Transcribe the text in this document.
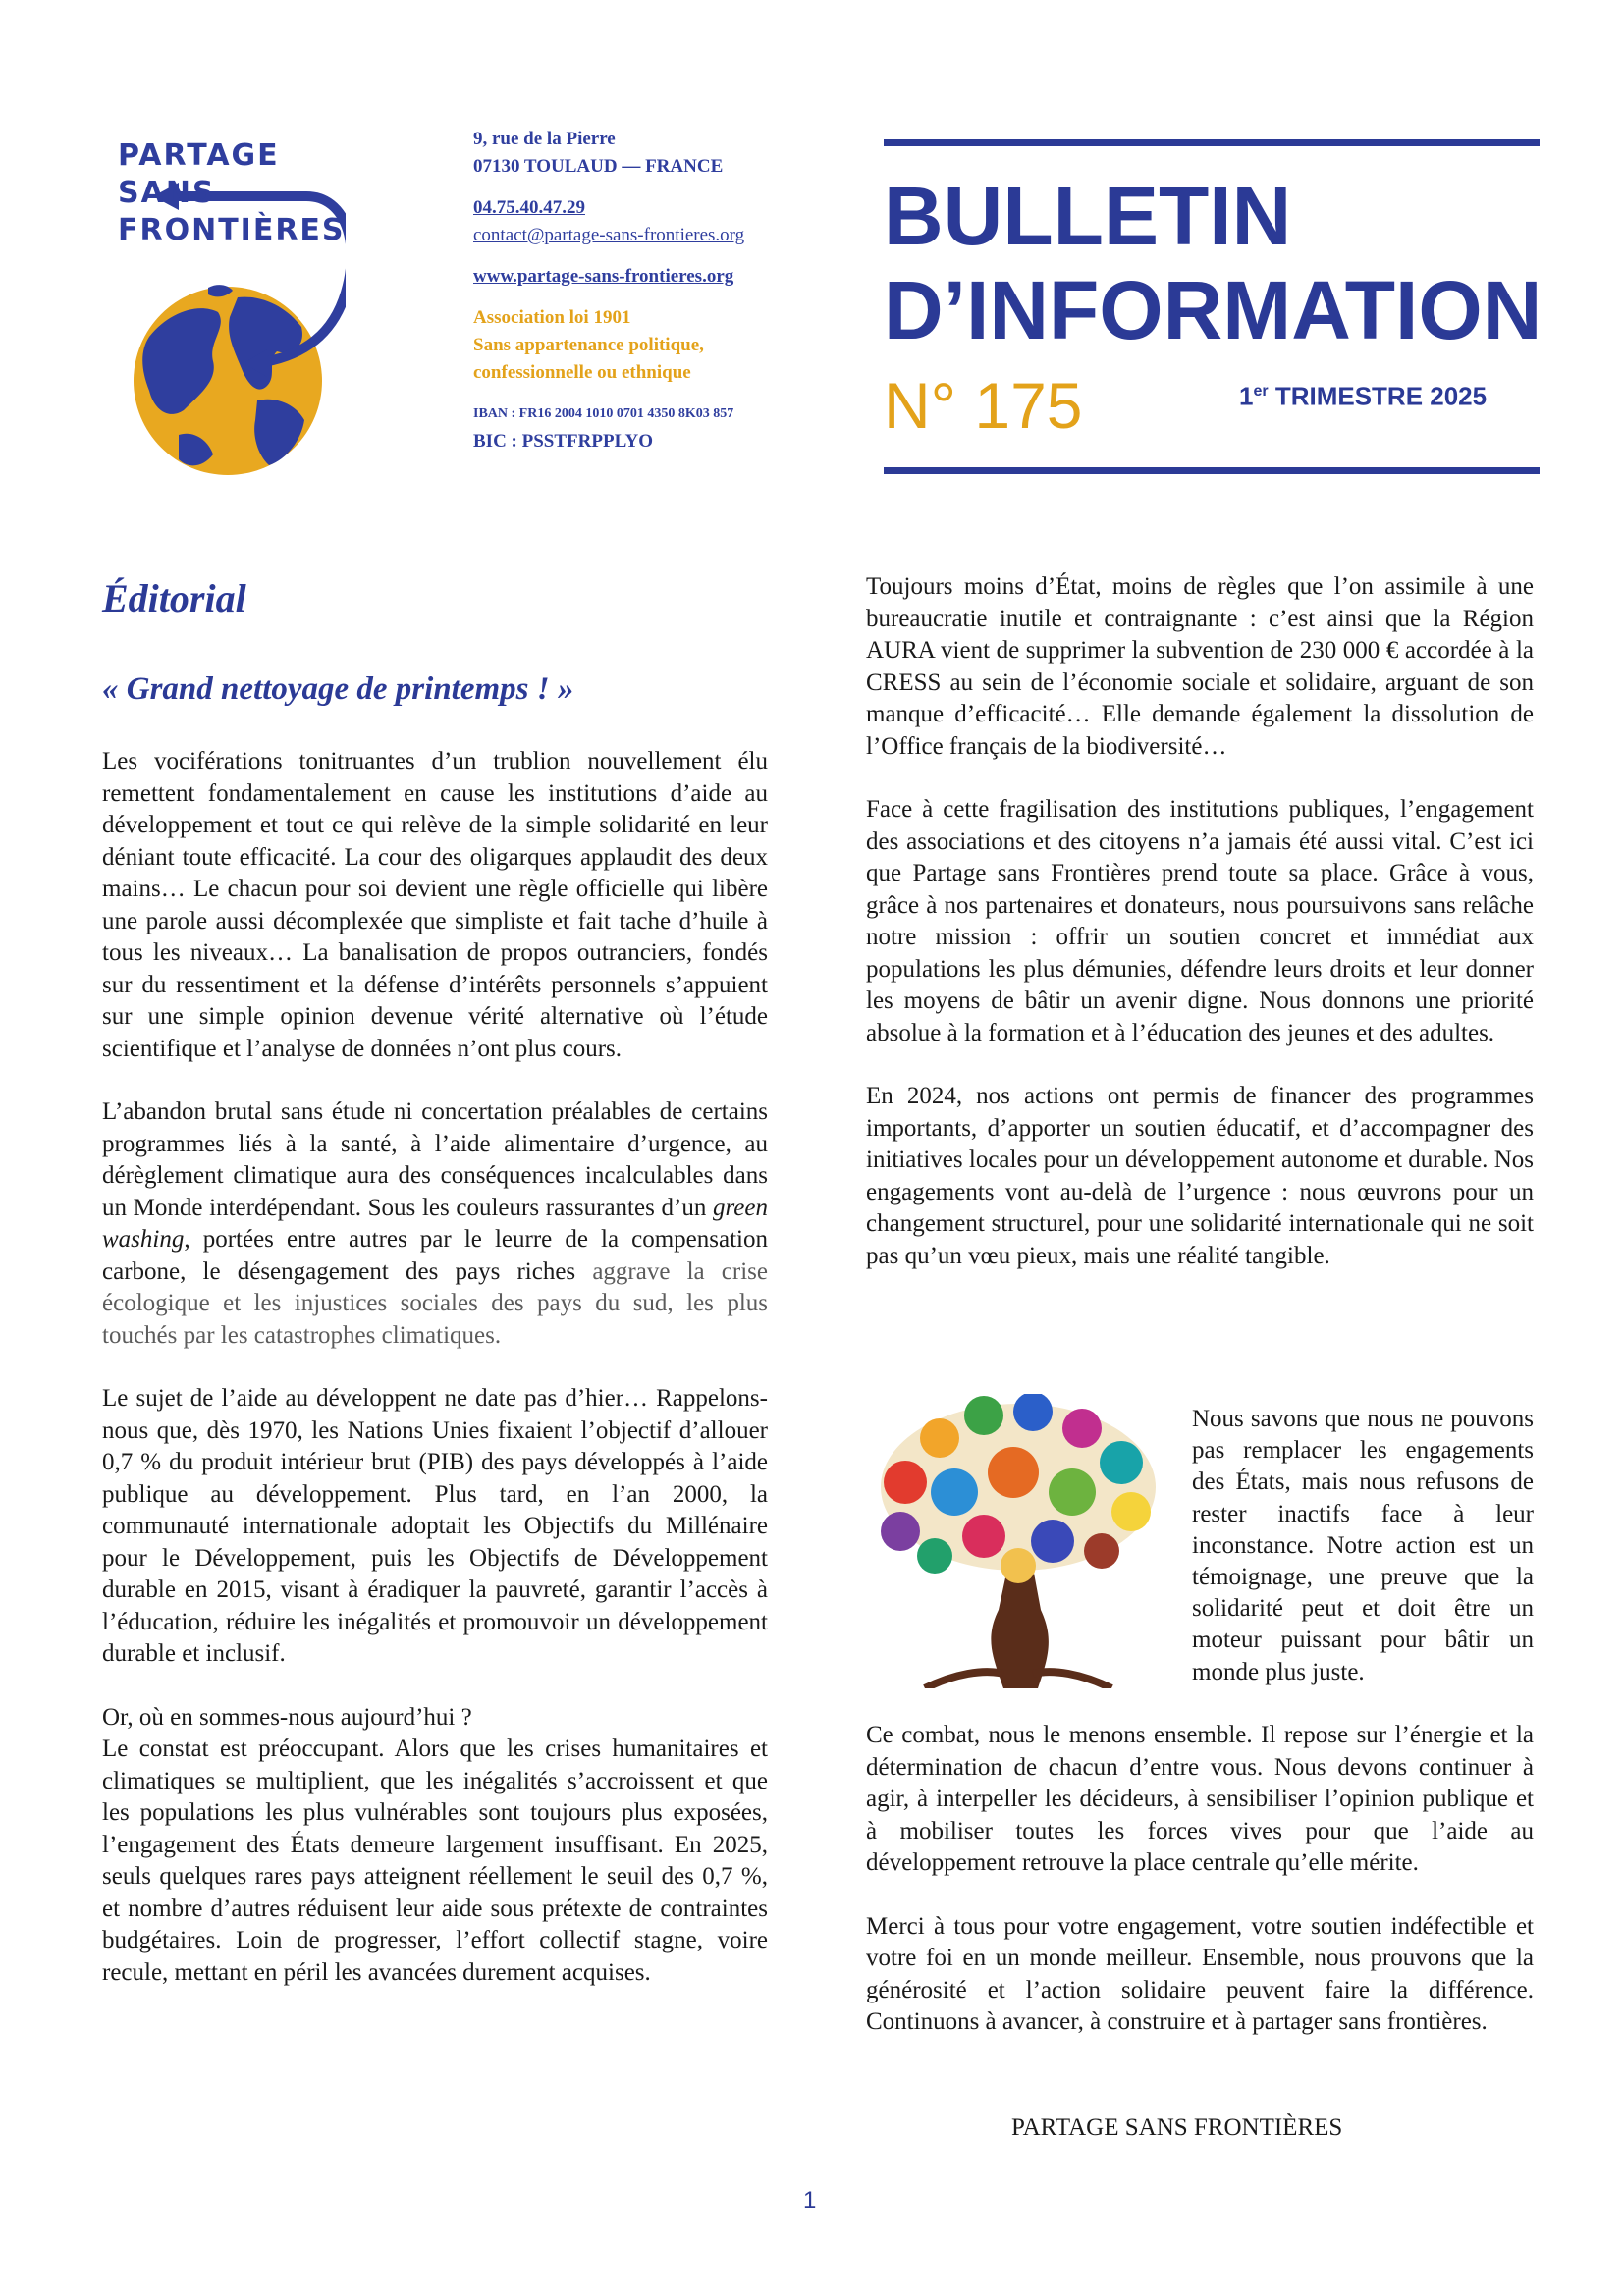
PARTAGE
SANS
FRONTIÈRES
9, rue de la Pierre
07130 TOULAUD — FRANCE
04.75.40.47.29
contact@partage-sans-frontieres.org
www.partage-sans-frontieres.org
Association loi 1901
Sans appartenance politique,
confessionnelle ou ethnique
IBAN : FR16 2004 1010 0701 4350 8K03 857
BIC : PSSTFRPPLYO
BULLETIN
D’INFORMATION
N° 175	1er TRIMESTRE 2025
Éditorial
« Grand nettoyage de printemps ! »

Les vociférations tonitruantes d’un trublion nouvellement élu remettent fondamentalement en cause les institutions d’aide au développement et tout ce qui relève de la simple solidarité en leur déniant toute efficacité. La cour des oligarques applaudit des deux mains… Le chacun pour soi devient une règle officielle qui libère une parole aussi décomplexée que simpliste et fait tache d’huile à tous les niveaux… La banalisation de propos outranciers, fondés sur du ressentiment et la défense d’intérêts personnels s’appuient sur une simple opinion devenue vérité alternative où l’étude scientifique et l’analyse de données n’ont plus cours.

L’abandon brutal sans étude ni concertation préalables de certains programmes liés à la santé, à l’aide alimentaire d’urgence, au dérèglement climatique aura des conséquences incalculables dans un Monde interdépendant. Sous les couleurs rassurantes d’un green washing, portées entre autres par le leurre de la compensation carbone, le désengagement des pays riches aggrave la crise écologique et les injustices sociales des pays du sud, les plus touchés par les catastrophes climatiques.

Le sujet de l’aide au développent ne date pas d’hier… Rappelons-nous que, dès 1970, les Nations Unies fixaient l’objectif d’allouer 0,7 % du produit intérieur brut (PIB) des pays développés à l’aide publique au développement. Plus tard, en l’an 2000, la communauté internationale adoptait les Objectifs du Millénaire pour le Développement, puis les Objectifs de Développement durable en 2015, visant à éradiquer la pauvreté, garantir l’accès à l’éducation, réduire les inégalités et promouvoir un développement durable et inclusif.

Or, où en sommes-nous aujourd’hui ?
Le constat est préoccupant. Alors que les crises humanitaires et climatiques se multiplient, que les inégalités s’accroissent et que les populations les plus vulnérables sont toujours plus exposées, l’engagement des États demeure largement insuffisant. En 2025, seuls quelques rares pays atteignent réellement le seuil des 0,7 %, et nombre d’autres réduisent leur aide sous prétexte de contraintes budgétaires. Loin de progresser, l’effort collectif stagne, voire recule, mettant en péril les avancées durement acquises.

Toujours moins d’État, moins de règles que l’on assimile à une bureaucratie inutile et contraignante : c’est ainsi que la Région AURA vient de supprimer la subvention de 230 000 € accordée à la CRESS au sein de l’économie sociale et solidaire, arguant de son manque d’efficacité… Elle demande également la dissolution de l’Office français de la biodiversité…

Face à cette fragilisation des institutions publiques, l’engagement des associations et des citoyens n’a jamais été aussi vital. C’est ici que Partage sans Frontières prend toute sa place. Grâce à vous, grâce à nos partenaires et donateurs, nous poursuivons sans relâche notre mission : offrir un soutien concret et immédiat aux populations les plus démunies, défendre leurs droits et leur donner les moyens de bâtir un avenir digne. Nous donnons une priorité absolue à la formation et à l’éducation des jeunes et des adultes.

En 2024, nos actions ont permis de financer des programmes importants, d’apporter un soutien éducatif, et d’accompagner des initiatives locales pour un développement autonome et durable. Nos engagements vont au-delà de l’urgence : nous œuvrons pour un changement structurel, pour une solidarité internationale qui ne soit pas qu’un vœu pieux, mais une réalité tangible.

Nous savons que nous ne pouvons pas remplacer les engagements des États, mais nous refusons de rester inactifs face à leur inconstance. Notre action est un témoignage, une preuve que la solidarité peut et doit être un moteur puissant pour bâtir un monde plus juste.

Ce combat, nous le menons ensemble. Il repose sur l’énergie et la détermination de chacun d’entre vous. Nous devons continuer à agir, à interpeller les décideurs, à sensibiliser l’opinion publique et à mobiliser toutes les forces vives pour que l’aide au développement retrouve la place centrale qu’elle mérite.

Merci à tous pour votre engagement, votre soutien indéfectible et votre foi en un monde meilleur. Ensemble, nous prouvons que la générosité et l’action solidaire peuvent faire la différence. Continuons à avancer, à construire et à partager sans frontières.

PARTAGE SANS FRONTIÈRES
1
